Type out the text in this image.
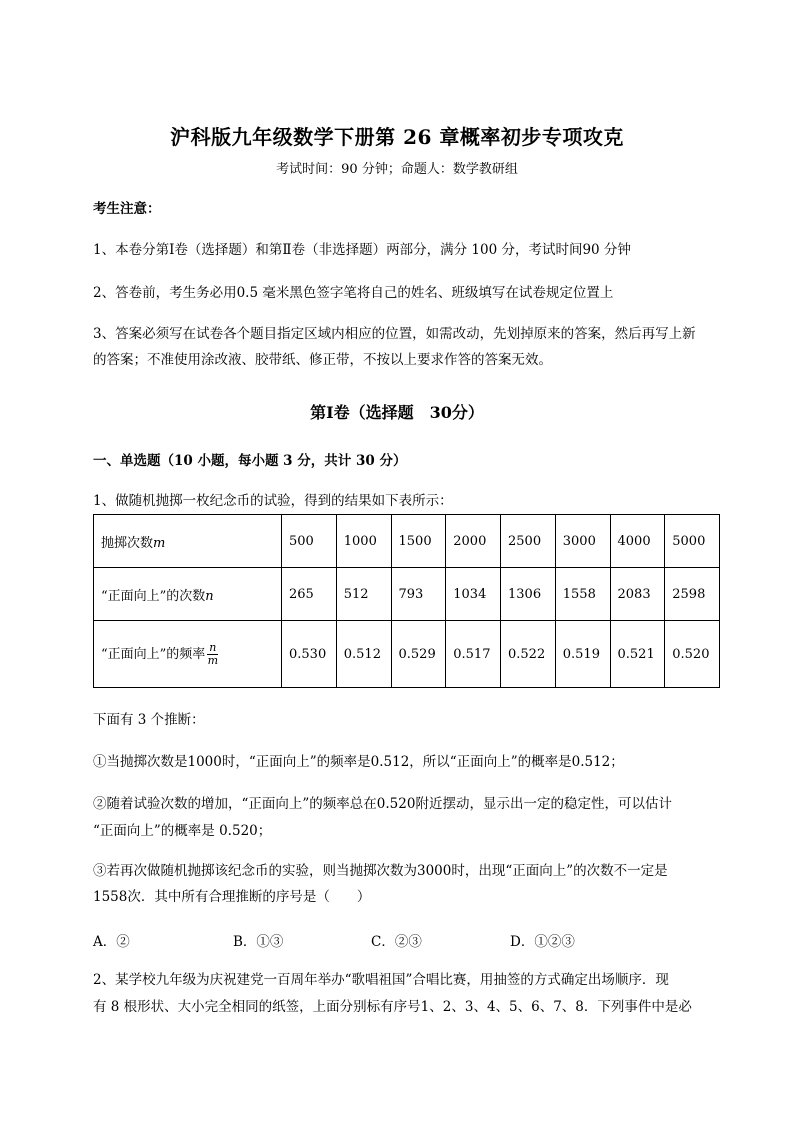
沪科版九年级数学下册第 26 章概率初步专项攻克
考试时间：90 分钟；命题人：数学教研组
考生注意：
1、本卷分第Ⅰ卷（选择题）和第Ⅱ卷（非选择题）两部分，满分 100 分，考试时间90 分钟
2、答卷前，考生务必用0.5 毫米黑色签字笔将自己的姓名、班级填写在试卷规定位置上
3、答案必须写在试卷各个题目指定区域内相应的位置，如需改动，先划掉原来的答案，然后再写上新
的答案；不准使用涂改液、胶带纸、修正带，不按以上要求作答的答案无效。
第Ⅰ卷（选择题　30分）
一、单选题（10 小题，每小题 3 分，共计 30 分）
1、做随机抛掷一枚纪念币的试验，得到的结果如下表所示：
抛掷次数m	500	1000	1500	2000	2500	3000	4000	5000
“正面向上”的次数n	265	512	793	1034	1306	1558	2083	2598
“正面向上”的频率 $\frac{n}{m}$	0.530	0.512	0.529	0.517	0.522	0.519	0.521	0.520
下面有 3 个推断：
①当抛掷次数是1000时，“正面向上”的频率是0.512，所以“正面向上”的概率是0.512；
②随着试验次数的增加，“正面向上”的频率总在0.520附近摆动，显示出一定的稳定性，可以估计
“正面向上”的概率是 0.520；
③若再次做随机抛掷该纪念币的实验，则当抛掷次数为3000时，出现“正面向上”的次数不一定是
1558次．其中所有合理推断的序号是（　　）
A．②	B．①③	C．②③	D．①②③
2、某学校九年级为庆祝建党一百周年举办“歌唱祖国”合唱比赛，用抽签的方式确定出场顺序．现
有 8 根形状、大小完全相同的纸签，上面分别标有序号1、2、3、4、5、6、7、8．下列事件中是必
